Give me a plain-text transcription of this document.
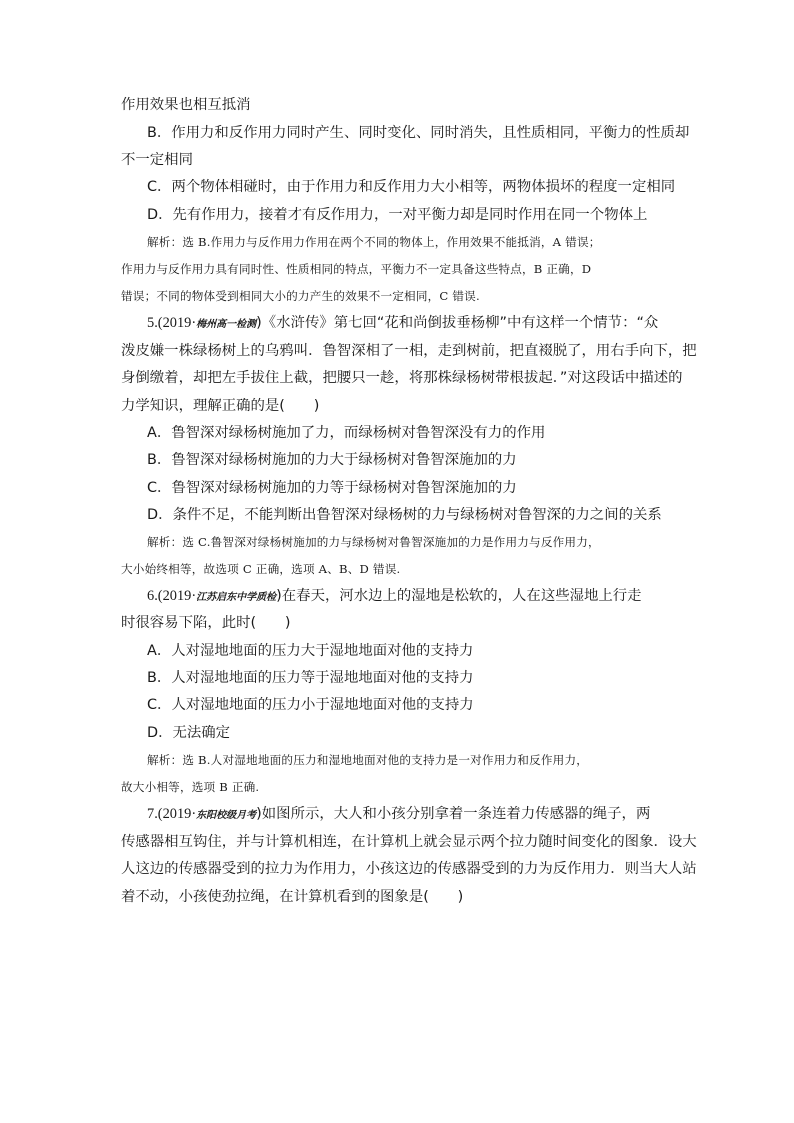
作用效果也相互抵消
B．作用力和反作用力同时产生、同时变化、同时消失，且性质相同，平衡力的性质却
不一定相同
C．两个物体相碰时，由于作用力和反作用力大小相等，两物体损坏的程度一定相同
D．先有作用力，接着才有反作用力，一对平衡力却是同时作用在同一个物体上
解析：选 B.作用力与反作用力作用在两个不同的物体上，作用效果不能抵消，A 错误；
作用力与反作用力具有同时性、性质相同的特点，平衡力不一定具备这些特点，B 正确，D
错误；不同的物体受到相同大小的力产生的效果不一定相同，C 错误.
5.(2019·梅州高一检测)《水浒传》第七回“花和尚倒拔垂杨柳”中有这样一个情节：“众
泼皮嫌一株绿杨树上的乌鸦叫．鲁智深相了一相，走到树前，把直裰脱了，用右手向下，把
身倒缴着，却把左手拔住上截，把腰只一趁，将那株绿杨树带根拔起．”对这段话中描述的
力学知识，理解正确的是(　　)
A．鲁智深对绿杨树施加了力，而绿杨树对鲁智深没有力的作用
B．鲁智深对绿杨树施加的力大于绿杨树对鲁智深施加的力
C．鲁智深对绿杨树施加的力等于绿杨树对鲁智深施加的力
D．条件不足，不能判断出鲁智深对绿杨树的力与绿杨树对鲁智深的力之间的关系
解析：选 C.鲁智深对绿杨树施加的力与绿杨树对鲁智深施加的力是作用力与反作用力，
大小始终相等，故选项 C 正确，选项 A、B、D 错误.
6.(2019·江苏启东中学质检)在春天，河水边上的湿地是松软的，人在这些湿地上行走
时很容易下陷，此时(　　)
A．人对湿地地面的压力大于湿地地面对他的支持力
B．人对湿地地面的压力等于湿地地面对他的支持力
C．人对湿地地面的压力小于湿地地面对他的支持力
D．无法确定
解析：选 B.人对湿地地面的压力和湿地地面对他的支持力是一对作用力和反作用力，
故大小相等，选项 B 正确.
7.(2019·东阳校级月考)如图所示，大人和小孩分别拿着一条连着力传感器的绳子，两
传感器相互钩住，并与计算机相连，在计算机上就会显示两个拉力随时间变化的图象．设大
人这边的传感器受到的拉力为作用力，小孩这边的传感器受到的力为反作用力．则当大人站
着不动，小孩使劲拉绳，在计算机看到的图象是(　　)
